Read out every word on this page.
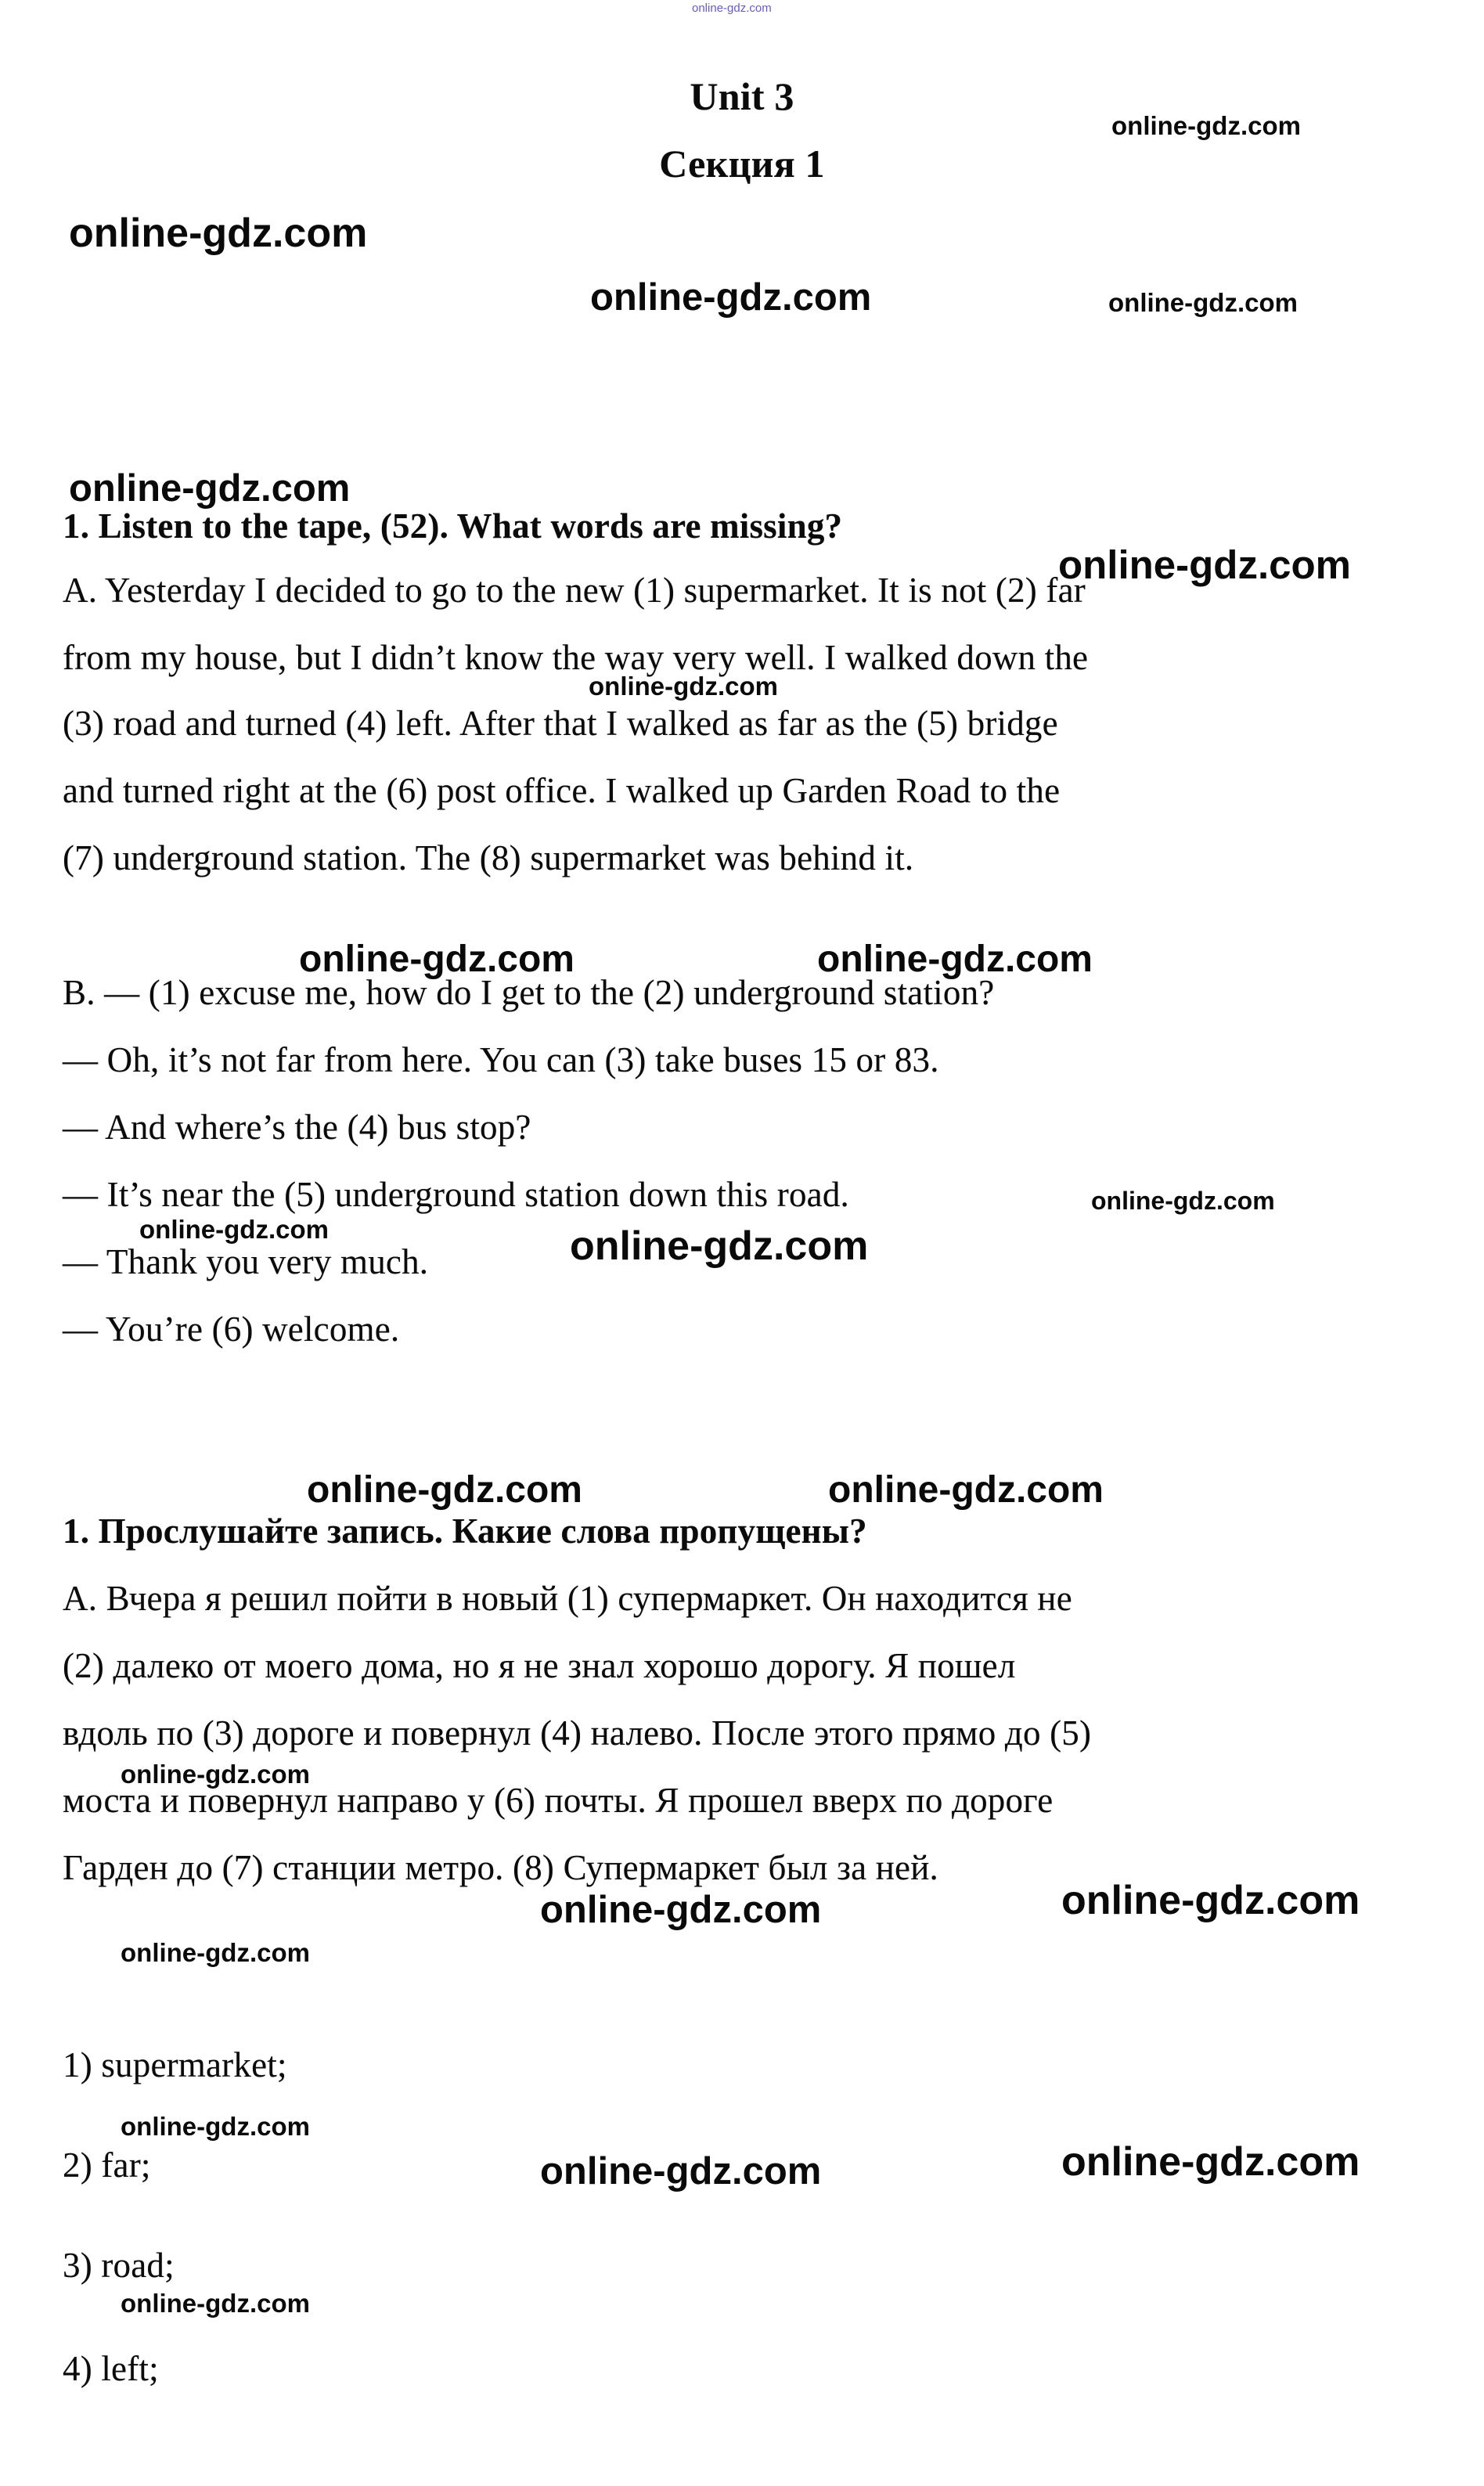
online-gdz.com
online-gdz.com
online-gdz.com
online-gdz.com	online-gdz.com
online-gdz.com
online-gdz.com
online-gdz.com
online-gdz.com	online-gdz.com
online-gdz.com
online-gdz.com	online-gdz.com
online-gdz.com	online-gdz.com
online-gdz.com
online-gdz.com	online-gdz.com
online-gdz.com
online-gdz.com
online-gdz.com	online-gdz.com
online-gdz.com
Unit 3
Секция 1
1. Listen to the tape, (52). What words are missing?
A. Yesterday I decided to go to the new (1) supermarket. It is not (2) far
from my house, but I didn’t know the way very well. I walked down the
(3) road and turned (4) left. After that I walked as far as the (5) bridge
and turned right at the (6) post office. I walked up Garden Road to the
(7) underground station. The (8) supermarket was behind it.
B. — (1) excuse me, how do I get to the (2) underground station?
— Oh, it’s not far from here. You can (3) take buses 15 or 83.
— And where’s the (4) bus stop?
— It’s near the (5) underground station down this road.
— Thank you very much.
— You’re (6) welcome.
1. Прослушайте запись. Какие слова пропущены?
А. Вчера я решил пойти в новый (1) супермаркет. Он находится не
(2) далеко от моего дома, но я не знал хорошо дорогу. Я пошел
вдоль по (3) дороге и повернул (4) налево. После этого прямо до (5)
моста и повернул направо у (6) почты. Я прошел вверх по дороге
Гарден до (7) станции метро. (8) Супермаркет был за ней.
1) supermarket;
2) far;
3) road;
4) left;
